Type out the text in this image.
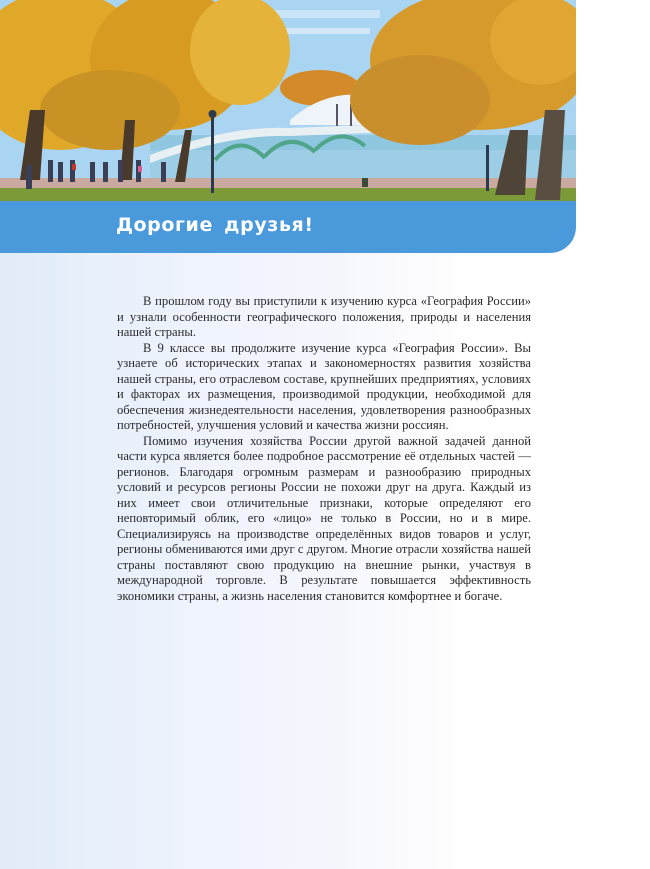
Дорогие друзья!

В прошлом году вы приступили к изучению курса «География России» и узнали особенности географического положения, природы и населения нашей страны.

В 9 классе вы продолжите изучение курса «География России». Вы узнаете об исторических этапах и закономерностях развития хозяйства нашей страны, его отраслевом составе, крупнейших предприятиях, условиях и факторах их размещения, производимой продукции, необходимой для обеспечения жизнедеятельности населения, удовлетворения разнообразных потребностей, улучшения условий и качества жизни россиян.

Помимо изучения хозяйства России другой важной задачей данной части курса является более подробное рассмотрение её отдельных частей — регионов. Благодаря огромным размерам и разнообразию природных условий и ресурсов регионы России не похожи друг на друга. Каждый из них имеет свои отличительные признаки, которые определяют его неповторимый облик, его «лицо» не только в России, но и в мире. Специализируясь на производстве определённых видов товаров и услуг, регионы обмениваются ими друг с другом. Многие отрасли хозяйства нашей страны поставляют свою продукцию на внешние рынки, участвуя в международной торговле. В результате повышается эффективность экономики страны, а жизнь населения становится комфортнее и богаче.
